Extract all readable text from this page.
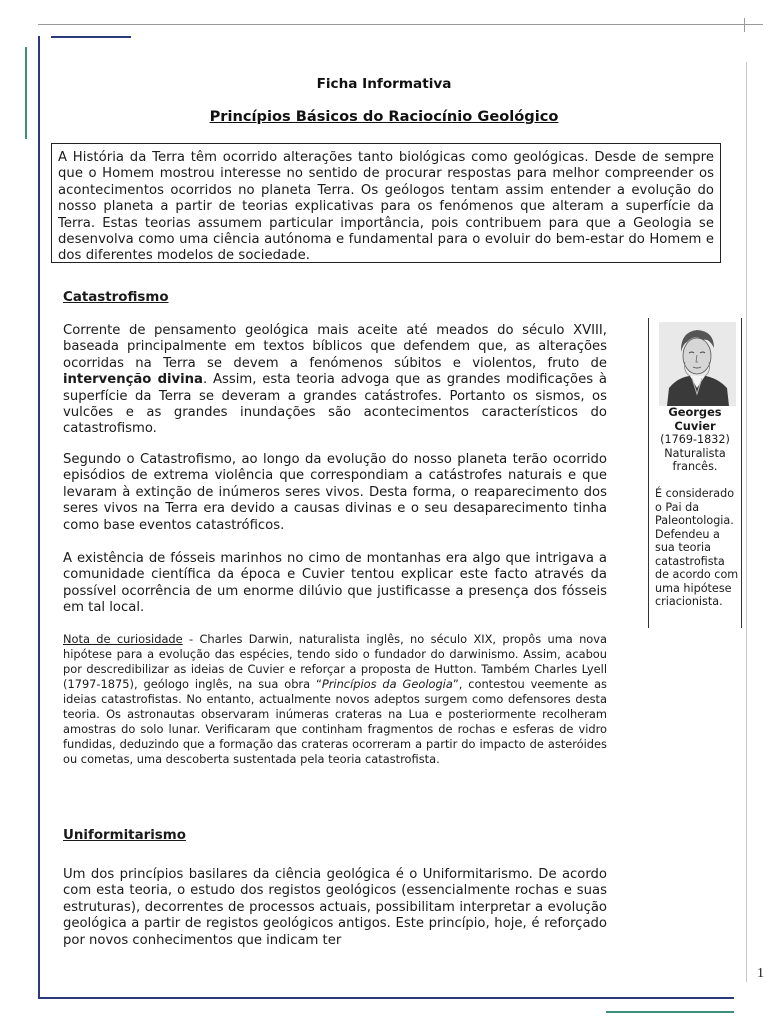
Ficha Informativa
Princípios Básicos do Raciocínio Geológico

A História da Terra têm ocorrido alterações tanto biológicas como geológicas. Desde de sempre que o Homem mostrou interesse no sentido de procurar respostas para melhor compreender os acontecimentos ocorridos no planeta Terra. Os geólogos tentam assim entender a evolução do nosso planeta a partir de teorias explicativas para os fenómenos que alteram a superfície da Terra. Estas teorias assumem particular importância, pois contribuem para que a Geologia se desenvolva como uma ciência autónoma e fundamental para o evoluir do bem-estar do Homem e dos diferentes modelos de sociedade.

Catastrofismo
Corrente de pensamento geológica mais aceite até meados do século XVIII, baseada principalmente em textos bíblicos que defendem que, as alterações ocorridas na Terra se devem a fenómenos súbitos e violentos, fruto de intervenção divina. Assim, esta teoria advoga que as grandes modificações à superfície da Terra se deveram a grandes catástrofes. Portanto os sismos, os vulcões e as grandes inundações são acontecimentos característicos do catastrofismo.
Segundo o Catastrofismo, ao longo da evolução do nosso planeta terão ocorrido episódios de extrema violência que correspondiam a catástrofes naturais e que levaram à extinção de inúmeros seres vivos. Desta forma, o reaparecimento dos seres vivos na Terra era devido a causas divinas e o seu desaparecimento tinha como base eventos catastróficos.
A existência de fósseis marinhos no cimo de montanhas era algo que intrigava a comunidade científica da época e Cuvier tentou explicar este facto através da possível ocorrência de um enorme dilúvio que justificasse a presença dos fósseis em tal local.
Nota de curiosidade - Charles Darwin, naturalista inglês, no século XIX, propôs uma nova hipótese para a evolução das espécies, tendo sido o fundador do darwinismo. Assim, acabou por descredibilizar as ideias de Cuvier e reforçar a proposta de Hutton. Também Charles Lyell (1797-1875), geólogo inglês, na sua obra “Princípios da Geologia”, contestou veemente as ideias catastrofistas. No entanto, actualmente novos adeptos surgem como defensores desta teoria. Os astronautas observaram inúmeras crateras na Lua e posteriormente recolheram amostras do solo lunar. Verificaram que continham fragmentos de rochas e esferas de vidro fundidas, deduzindo que a formação das crateras ocorreram a partir do impacto de asteróides ou cometas, uma descoberta sustentada pela teoria catastrofista.
Georges
Cuvier
(1769-1832)
Naturalista
francês.
É considerado o Pai da Paleontologia. Defendeu a sua teoria catastrofista de acordo com uma hipótese criacionista.
Uniformitarismo
Um dos princípios basilares da ciência geológica é o Uniformitarismo. De acordo com esta teoria, o estudo dos registos geológicos (essencialmente rochas e suas estruturas), decorrentes de processos actuais, possibilitam interpretar a evolução geológica a partir de registos geológicos antigos. Este princípio, hoje, é reforçado por novos conhecimentos que indicam ter
1
